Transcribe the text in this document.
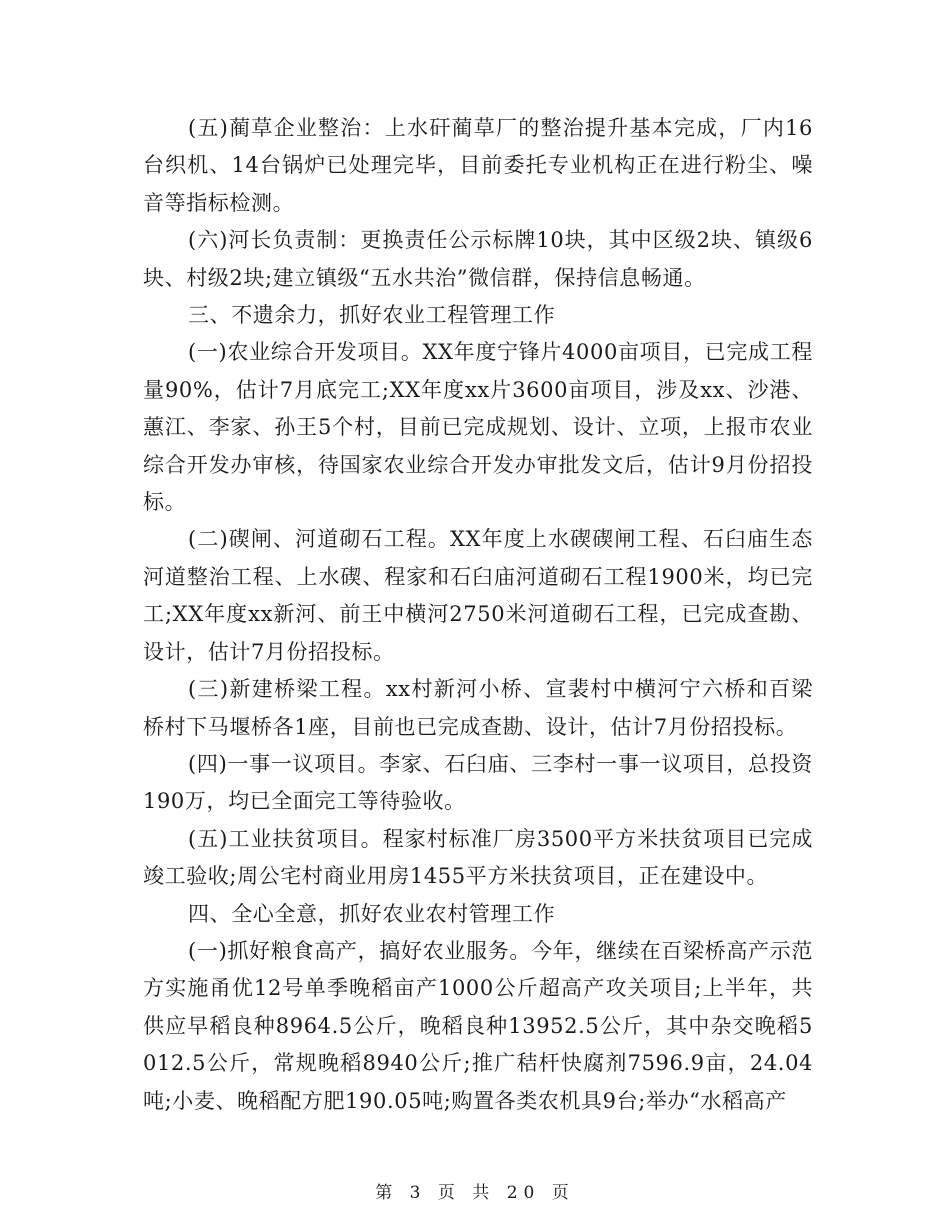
(五)蔺草企业整治：上水矸蔺草厂的整治提升基本完成，厂内16台织机、14台锅炉已处理完毕，目前委托专业机构正在进行粉尘、噪音等指标检测。

(六)河长负责制：更换责任公示标牌10块，其中区级2块、镇级6块、村级2块;建立镇级“五水共治”微信群，保持信息畅通。

三、不遗余力，抓好农业工程管理工作

(一)农业综合开发项目。XX年度宁锋片4000亩项目，已完成工程量90%，估计7月底完工;XX年度xx片3600亩项目，涉及xx、沙港、蕙江、李家、孙王5个村，目前已完成规划、设计、立项，上报市农业综合开发办审核，待国家农业综合开发办审批发文后，估计9月份招投标。

(二)碶闸、河道砌石工程。XX年度上水碶碶闸工程、石臼庙生态河道整治工程、上水碶、程家和石臼庙河道砌石工程1900米，均已完工;XX年度xx新河、前王中横河2750米河道砌石工程，已完成查勘、设计，估计7月份招投标。

(三)新建桥梁工程。xx村新河小桥、宣裴村中横河宁六桥和百梁桥村下马堰桥各1座，目前也已完成查勘、设计，估计7月份招投标。

(四)一事一议项目。李家、石臼庙、三李村一事一议项目，总投资190万，均已全面完工等待验收。

(五)工业扶贫项目。程家村标准厂房3500平方米扶贫项目已完成竣工验收;周公宅村商业用房1455平方米扶贫项目，正在建设中。

四、全心全意，抓好农业农村管理工作

(一)抓好粮食高产，搞好农业服务。今年，继续在百梁桥高产示范方实施甬优12号单季晚稻亩产1000公斤超高产攻关项目;上半年，共供应早稻良种8964.5公斤，晚稻良种13952.5公斤，其中杂交晚稻5012.5公斤，常规晚稻8940公斤;推广秸杆快腐剂7596.9亩，24.04吨;小麦、晚稻配方肥190.05吨;购置各类农机具9台;举办“水稻高产

第 3 页 共 20 页
